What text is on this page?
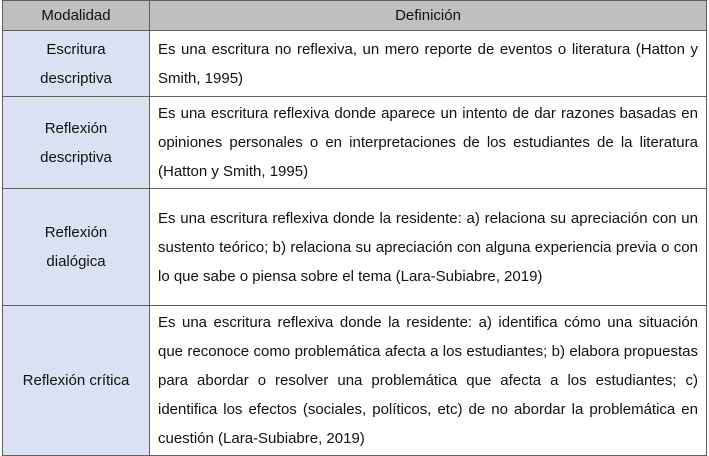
Modalidad	Definición
Escritura descriptiva	Es una escritura no reflexiva, un mero reporte de eventos o literatura (Hatton y Smith, 1995)
Reflexión descriptiva	Es una escritura reflexiva donde aparece un intento de dar razones basadas en opiniones personales o en interpretaciones de los estudiantes de la literatura (Hatton y Smith, 1995)
Reflexión dialógica	Es una escritura reflexiva donde la residente: a) relaciona su apreciación con un sustento teórico; b) relaciona su apreciación con alguna experiencia previa o con lo que sabe o piensa sobre el tema (Lara-Subiabre, 2019)
Reflexión crítica	Es una escritura reflexiva donde la residente: a) identifica cómo una situación que reconoce como problemática afecta a los estudiantes; b) elabora propuestas para abordar o resolver una problemática que afecta a los estudiantes; c) identifica los efectos (sociales, políticos, etc) de no abordar la problemática en cuestión (Lara-Subiabre, 2019)
